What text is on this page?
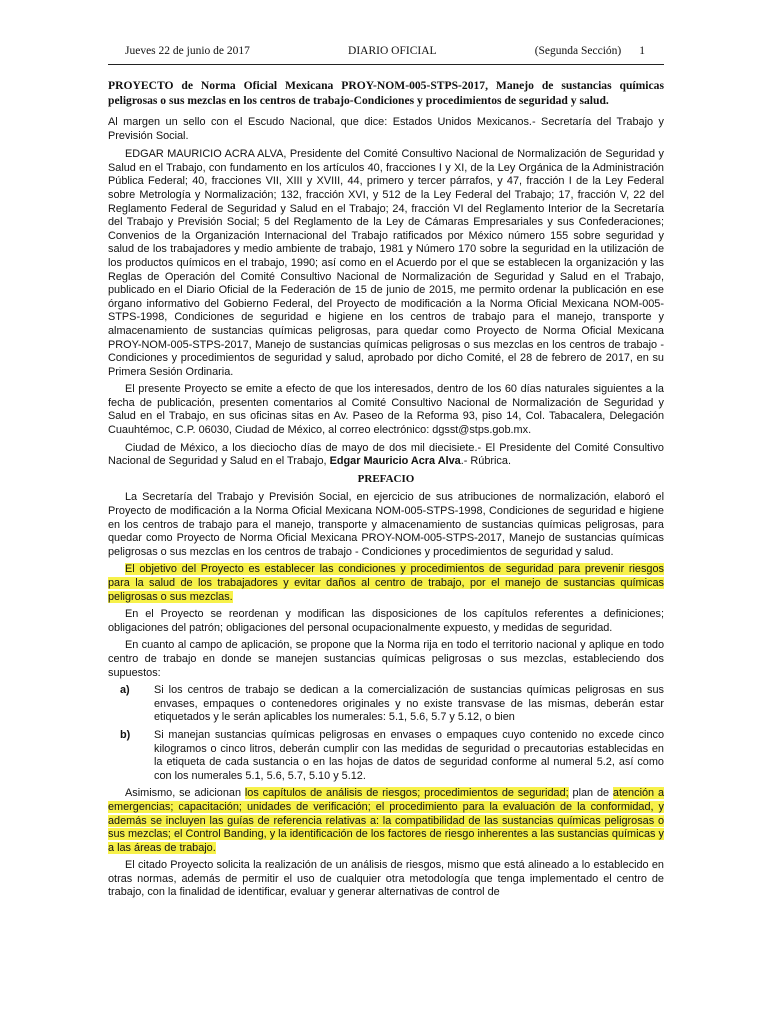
Jueves 22 de junio de 2017	DIARIO OFICIAL	(Segunda Sección) 1
PROYECTO de Norma Oficial Mexicana PROY-NOM-005-STPS-2017, Manejo de sustancias químicas peligrosas o sus mezclas en los centros de trabajo-Condiciones y procedimientos de seguridad y salud.

Al margen un sello con el Escudo Nacional, que dice: Estados Unidos Mexicanos.- Secretaría del Trabajo y Previsión Social.

EDGAR MAURICIO ACRA ALVA, Presidente del Comité Consultivo Nacional de Normalización de Seguridad y Salud en el Trabajo, con fundamento en los artículos 40, fracciones I y XI, de la Ley Orgánica de la Administración Pública Federal; 40, fracciones VII, XIII y XVIII, 44, primero y tercer párrafos, y 47, fracción I de la Ley Federal sobre Metrología y Normalización; 132, fracción XVI, y 512 de la Ley Federal del Trabajo; 17, fracción V, 22 del Reglamento Federal de Seguridad y Salud en el Trabajo; 24, fracción VI del Reglamento Interior de la Secretaría del Trabajo y Previsión Social; 5 del Reglamento de la Ley de Cámaras Empresariales y sus Confederaciones; Convenios de la Organización Internacional del Trabajo ratificados por México número 155 sobre seguridad y salud de los trabajadores y medio ambiente de trabajo, 1981 y Número 170 sobre la seguridad en la utilización de los productos químicos en el trabajo, 1990; así como en el Acuerdo por el que se establecen la organización y las Reglas de Operación del Comité Consultivo Nacional de Normalización de Seguridad y Salud en el Trabajo, publicado en el Diario Oficial de la Federación de 15 de junio de 2015, me permito ordenar la publicación en ese órgano informativo del Gobierno Federal, del Proyecto de modificación a la Norma Oficial Mexicana NOM-005-STPS-1998, Condiciones de seguridad e higiene en los centros de trabajo para el manejo, transporte y almacenamiento de sustancias químicas peligrosas, para quedar como Proyecto de Norma Oficial Mexicana PROY-NOM-005-STPS-2017, Manejo de sustancias químicas peligrosas o sus mezclas en los centros de trabajo - Condiciones y procedimientos de seguridad y salud, aprobado por dicho Comité, el 28 de febrero de 2017, en su Primera Sesión Ordinaria.

El presente Proyecto se emite a efecto de que los interesados, dentro de los 60 días naturales siguientes a la fecha de publicación, presenten comentarios al Comité Consultivo Nacional de Normalización de Seguridad y Salud en el Trabajo, en sus oficinas sitas en Av. Paseo de la Reforma 93, piso 14, Col. Tabacalera, Delegación Cuauhtémoc, C.P. 06030, Ciudad de México, al correo electrónico: dgsst@stps.gob.mx.

Ciudad de México, a los dieciocho días de mayo de dos mil diecisiete.- El Presidente del Comité Consultivo Nacional de Seguridad y Salud en el Trabajo, Edgar Mauricio Acra Alva.- Rúbrica.

PREFACIO

La Secretaría del Trabajo y Previsión Social, en ejercicio de sus atribuciones de normalización, elaboró el Proyecto de modificación a la Norma Oficial Mexicana NOM-005-STPS-1998, Condiciones de seguridad e higiene en los centros de trabajo para el manejo, transporte y almacenamiento de sustancias químicas peligrosas, para quedar como Proyecto de Norma Oficial Mexicana PROY-NOM-005-STPS-2017, Manejo de sustancias químicas peligrosas o sus mezclas en los centros de trabajo - Condiciones y procedimientos de seguridad y salud.

El objetivo del Proyecto es establecer las condiciones y procedimientos de seguridad para prevenir riesgos para la salud de los trabajadores y evitar daños al centro de trabajo, por el manejo de sustancias químicas peligrosas o sus mezclas.

En el Proyecto se reordenan y modifican las disposiciones de los capítulos referentes a definiciones; obligaciones del patrón; obligaciones del personal ocupacionalmente expuesto, y medidas de seguridad.

En cuanto al campo de aplicación, se propone que la Norma rija en todo el territorio nacional y aplique en todo centro de trabajo en donde se manejen sustancias químicas peligrosas o sus mezclas, estableciendo dos supuestos:

a)	Si los centros de trabajo se dedican a la comercialización de sustancias químicas peligrosas en sus envases, empaques o contenedores originales y no existe transvase de las mismas, deberán estar etiquetados y le serán aplicables los numerales: 5.1, 5.6, 5.7 y 5.12, o bien
b)	Si manejan sustancias químicas peligrosas en envases o empaques cuyo contenido no excede cinco kilogramos o cinco litros, deberán cumplir con las medidas de seguridad o precautorias establecidas en la etiqueta de cada sustancia o en las hojas de datos de seguridad conforme al numeral 5.2, así como con los numerales 5.1, 5.6, 5.7, 5.10 y 5.12.

Asimismo, se adicionan los capítulos de análisis de riesgos; procedimientos de seguridad; plan de atención a emergencias; capacitación; unidades de verificación; el procedimiento para la evaluación de la conformidad, y además se incluyen las guías de referencia relativas a: la compatibilidad de las sustancias químicas peligrosas o sus mezclas; el Control Banding, y la identificación de los factores de riesgo inherentes a las sustancias químicas y a las áreas de trabajo.

El citado Proyecto solicita la realización de un análisis de riesgos, mismo que está alineado a lo establecido en otras normas, además de permitir el uso de cualquier otra metodología que tenga implementado el centro de trabajo, con la finalidad de identificar, evaluar y generar alternativas de control de
